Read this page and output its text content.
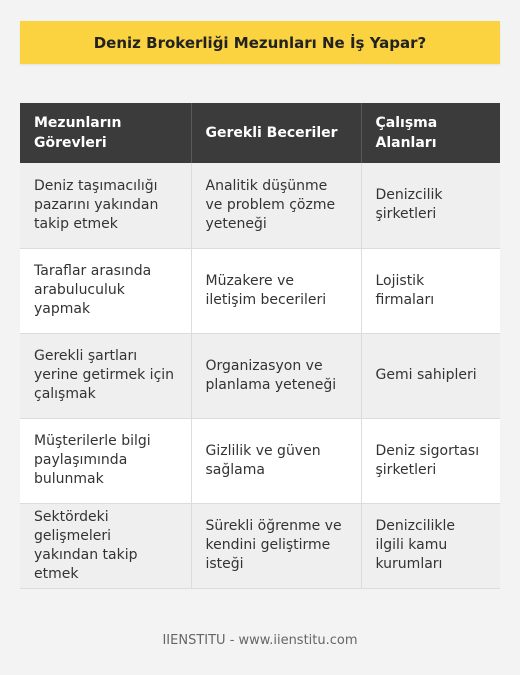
Deniz Brokerliği Mezunları Ne İş Yapar?
Mezunların Görevleri	Gerekli Beceriler	Çalışma Alanları
Deniz taşımacılığı pazarını yakından takip etmek	Analitik düşünme ve problem çözme yeteneği	Denizcilik şirketleri
Taraflar arasında arabuluculuk yapmak	Müzakere ve iletişim becerileri	Lojistik firmaları
Gerekli şartları yerine getirmek için çalışmak	Organizasyon ve planlama yeteneği	Gemi sahipleri
Müşterilerle bilgi paylaşımında bulunmak	Gizlilik ve güven sağlama	Deniz sigortası şirketleri
Sektördeki gelişmeleri yakından takip etmek	Sürekli öğrenme ve kendini geliştirme isteği	Denizcilikle ilgili kamu kurumları
IIENSTITU - www.iienstitu.com
